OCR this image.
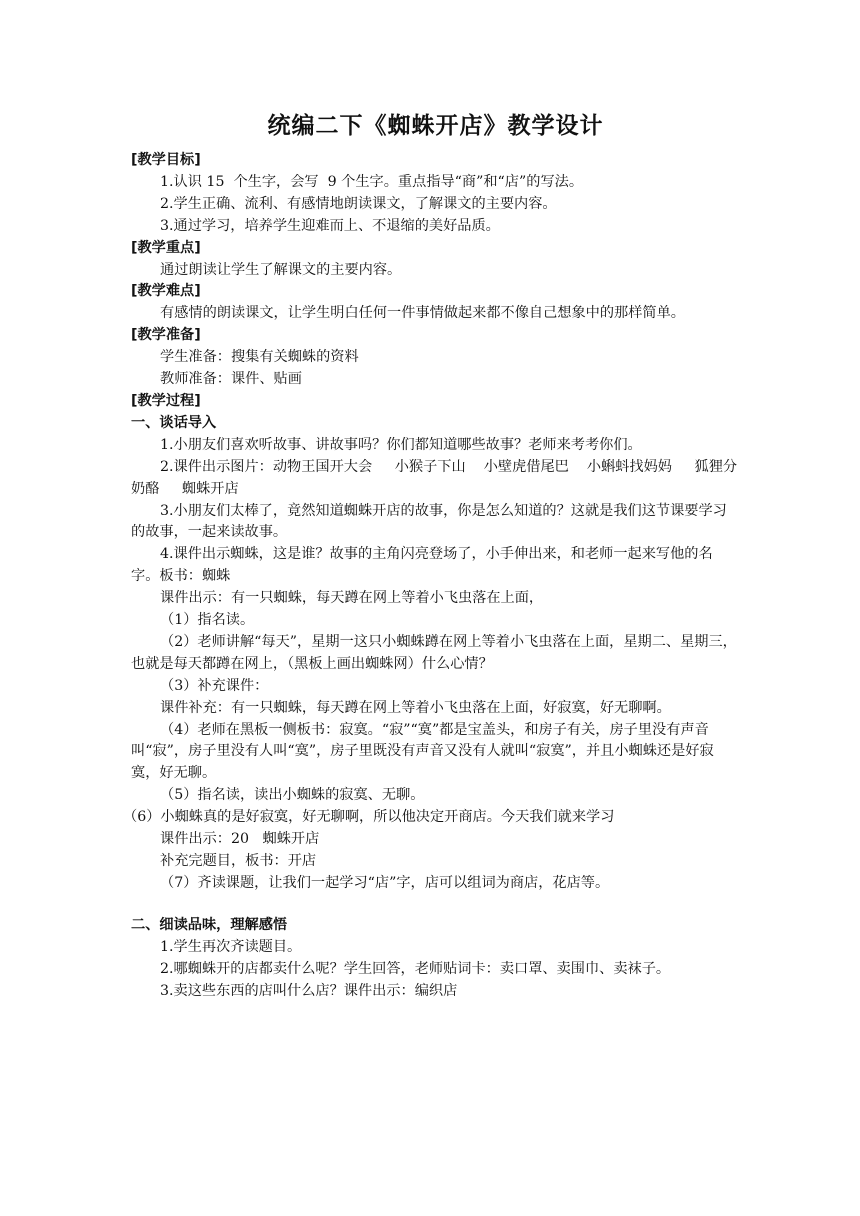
统编二下《蜘蛛开店》教学设计

[教学目标]

1.认识 15  个生字，会写  9 个生字。重点指导“商”和“店”的写法。

2.学生正确、流利、有感情地朗读课文，了解课文的主要内容。

3.通过学习，培养学生迎难而上、不退缩的美好品质。

[教学重点]

通过朗读让学生了解课文的主要内容。

[教学难点]

有感情的朗读课文，让学生明白任何一件事情做起来都不像自己想象中的那样简单。

[教学准备]

学生准备：搜集有关蜘蛛的资料

教师准备：课件、贴画

[教学过程]

一、谈话导入

1.小朋友们喜欢听故事、讲故事吗？你们都知道哪些故事？老师来考考你们。

2.课件出示图片：动物王国开大会     小猴子下山    小壁虎借尾巴    小蝌蚪找妈妈     狐狸分奶酪     蜘蛛开店

3.小朋友们太棒了，竟然知道蜘蛛开店的故事，你是怎么知道的？这就是我们这节课要学习的故事，一起来读故事。

4.课件出示蜘蛛，这是谁？故事的主角闪亮登场了，小手伸出来，和老师一起来写他的名字。板书：蜘蛛

课件出示：有一只蜘蛛，每天蹲在网上等着小飞虫落在上面，

（1）指名读。

（2）老师讲解“每天”，星期一这只小蜘蛛蹲在网上等着小飞虫落在上面，星期二、星期三，也就是每天都蹲在网上，（黑板上画出蜘蛛网）什么心情？

（3）补充课件：

课件补充：有一只蜘蛛，每天蹲在网上等着小飞虫落在上面，好寂寞，好无聊啊。

（4）老师在黑板一侧板书：寂寞。“寂”“寞”都是宝盖头，和房子有关，房子里没有声音叫“寂”，房子里没有人叫“寞”，房子里既没有声音又没有人就叫“寂寞”，并且小蜘蛛还是好寂寞，好无聊。

（5）指名读，读出小蜘蛛的寂寞、无聊。

（6）小蜘蛛真的是好寂寞，好无聊啊，所以他决定开商店。今天我们就来学习

课件出示：20   蜘蛛开店

补充完题目，板书：开店

（7）齐读课题，让我们一起学习“店”字，店可以组词为商店，花店等。

二、细读品味，理解感悟

1.学生再次齐读题目。

2.哪蜘蛛开的店都卖什么呢？学生回答，老师贴词卡：卖口罩、卖围巾、卖袜子。

3.卖这些东西的店叫什么店？课件出示：编织店
